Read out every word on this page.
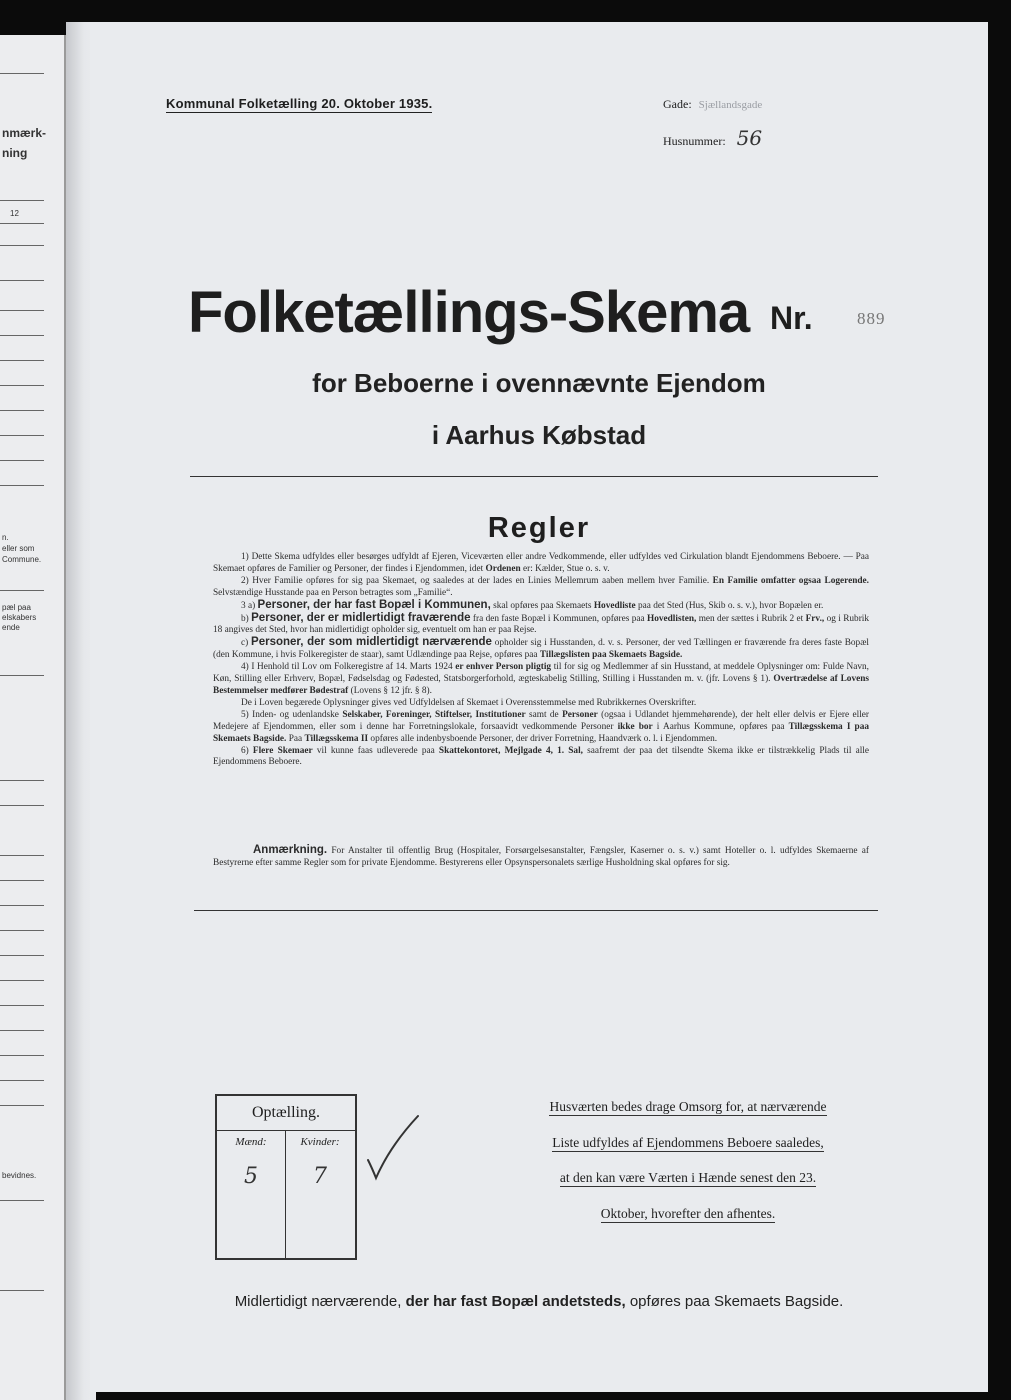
nmærk-
ning
12
n.
eller som
Commune.
pæl paa
elskabers
ende
bevidnes.
Kommunal Folketælling 20. Oktober 1935.	Gade: Sjællandsgade
Husnummer: 56
Folketællings-Skema Nr.	889
for Beboerne i ovennævnte Ejendom
i Aarhus Købstad
Regler

1) Dette Skema udfyldes eller besørges udfyldt af Ejeren, Viceværten eller andre Vedkommende, eller udfyldes ved Cirkulation blandt Ejendommens Beboere. — Paa Skemaet opføres de Familier og Personer, der findes i Ejendommen, idet Ordenen er: Kælder, Stue o. s. v.

2) Hver Familie opføres for sig paa Skemaet, og saaledes at der lades en Linies Mellemrum aaben mellem hver Familie. En Familie omfatter ogsaa Logerende. Selvstændige Husstande paa en Person betragtes som „Familie“.

3 a) Personer, der har fast Bopæl i Kommunen, skal opføres paa Skemaets Hovedliste paa det Sted (Hus, Skib o. s. v.), hvor Bopælen er.

b) Personer, der er midlertidigt fraværende fra den faste Bopæl i Kommunen, opføres paa Hovedlisten, men der sættes i Rubrik 2 et Frv., og i Rubrik 18 angives det Sted, hvor han midlertidigt opholder sig, eventuelt om han er paa Rejse.

c) Personer, der som midlertidigt nærværende opholder sig i Husstanden, d. v. s. Personer, der ved Tællingen er fraværende fra deres faste Bopæl (den Kommune, i hvis Folkeregister de staar), samt Udlændinge paa Rejse, opføres paa Tillægslisten paa Skemaets Bagside.

4) I Henhold til Lov om Folkeregistre af 14. Marts 1924 er enhver Person pligtig til for sig og Medlemmer af sin Husstand, at meddele Oplysninger om: Fulde Navn, Køn, Stilling eller Erhverv, Bopæl, Fødselsdag og Fødested, Statsborgerforhold, ægteskabelig Stilling, Stilling i Husstanden m. v. (jfr. Lovens § 1). Overtrædelse af Lovens Bestemmelser medfører Bødestraf (Lovens § 12 jfr. § 8).

De i Loven begærede Oplysninger gives ved Udfyldelsen af Skemaet i Overensstemmelse med Rubrikkernes Overskrifter.

5) Inden- og udenlandske Selskaber, Foreninger, Stiftelser, Institutioner samt de Personer (ogsaa i Udlandet hjemmehørende), der helt eller delvis er Ejere eller Medejere af Ejendommen, eller som i denne har Forretningslokale, forsaavidt vedkommende Personer ikke bor i Aarhus Kommune, opføres paa Tillægsskema I paa Skemaets Bagside. Paa Tillægsskema II opføres alle indenbysboende Personer, der driver Forretning, Haandværk o. l. i Ejendommen.

6) Flere Skemaer vil kunne faas udleverede paa Skattekontoret, Mejlgade 4, 1. Sal, saafremt der paa det tilsendte Skema ikke er tilstrækkelig Plads til alle Ejendommens Beboere.

Anmærkning. For Anstalter til offentlig Brug (Hospitaler, Forsørgelsesanstalter, Fængsler, Kaserner o. s. v.) samt Hoteller o. l. udfyldes Skemaerne af Bestyrerne efter samme Regler som for private Ejendomme. Bestyrerens eller Opsynspersonalets særlige Husholdning skal opføres for sig.
Optælling.
Mænd:	Kvinder:
5	7
Husværten bedes drage Omsorg for, at nærværende
Liste udfyldes af Ejendommens Beboere saaledes,
at den kan være Værten i Hænde senest den 23.
Oktober, hvorefter den afhentes.
Midlertidigt nærværende, der har fast Bopæl andetsteds, opføres paa Skemaets Bagside.
